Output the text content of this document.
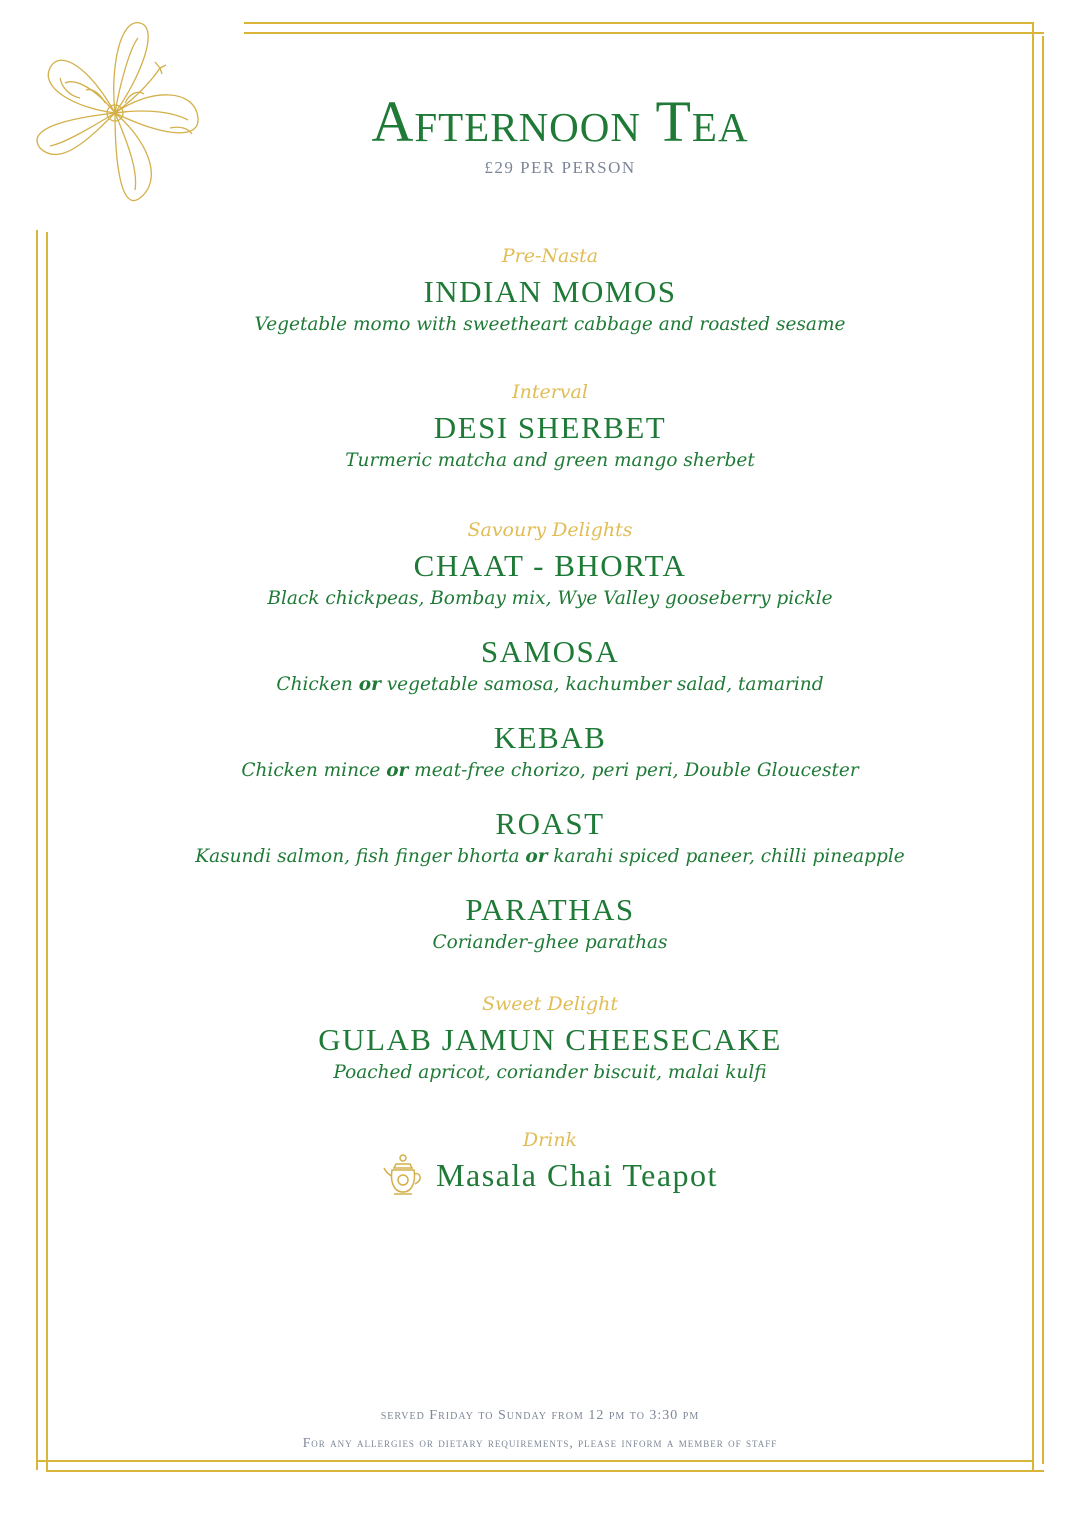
Afternoon Tea
£29 PER PERSON
Pre-Nasta
INDIAN MOMOS
Vegetable momo with sweetheart cabbage and roasted sesame
Interval
DESI SHERBET
Turmeric matcha and green mango sherbet
Savoury Delights
CHAAT - BHORTA
Black chickpeas, Bombay mix, Wye Valley gooseberry pickle
SAMOSA
Chicken or vegetable samosa, kachumber salad, tamarind
KEBAB
Chicken mince or meat-free chorizo, peri peri, Double Gloucester
ROAST
Kasundi salmon, fish finger bhorta or karahi spiced paneer, chilli pineapple
PARATHAS
Coriander-ghee parathas
Sweet Delight
GULAB JAMUN CHEESECAKE
Poached apricot, coriander biscuit, malai kulfi
Drink
Masala Chai Teapot
served Friday to Sunday from 12 pm to 3:30 pm
For any allergies or dietary requirements, please inform a member of staff
